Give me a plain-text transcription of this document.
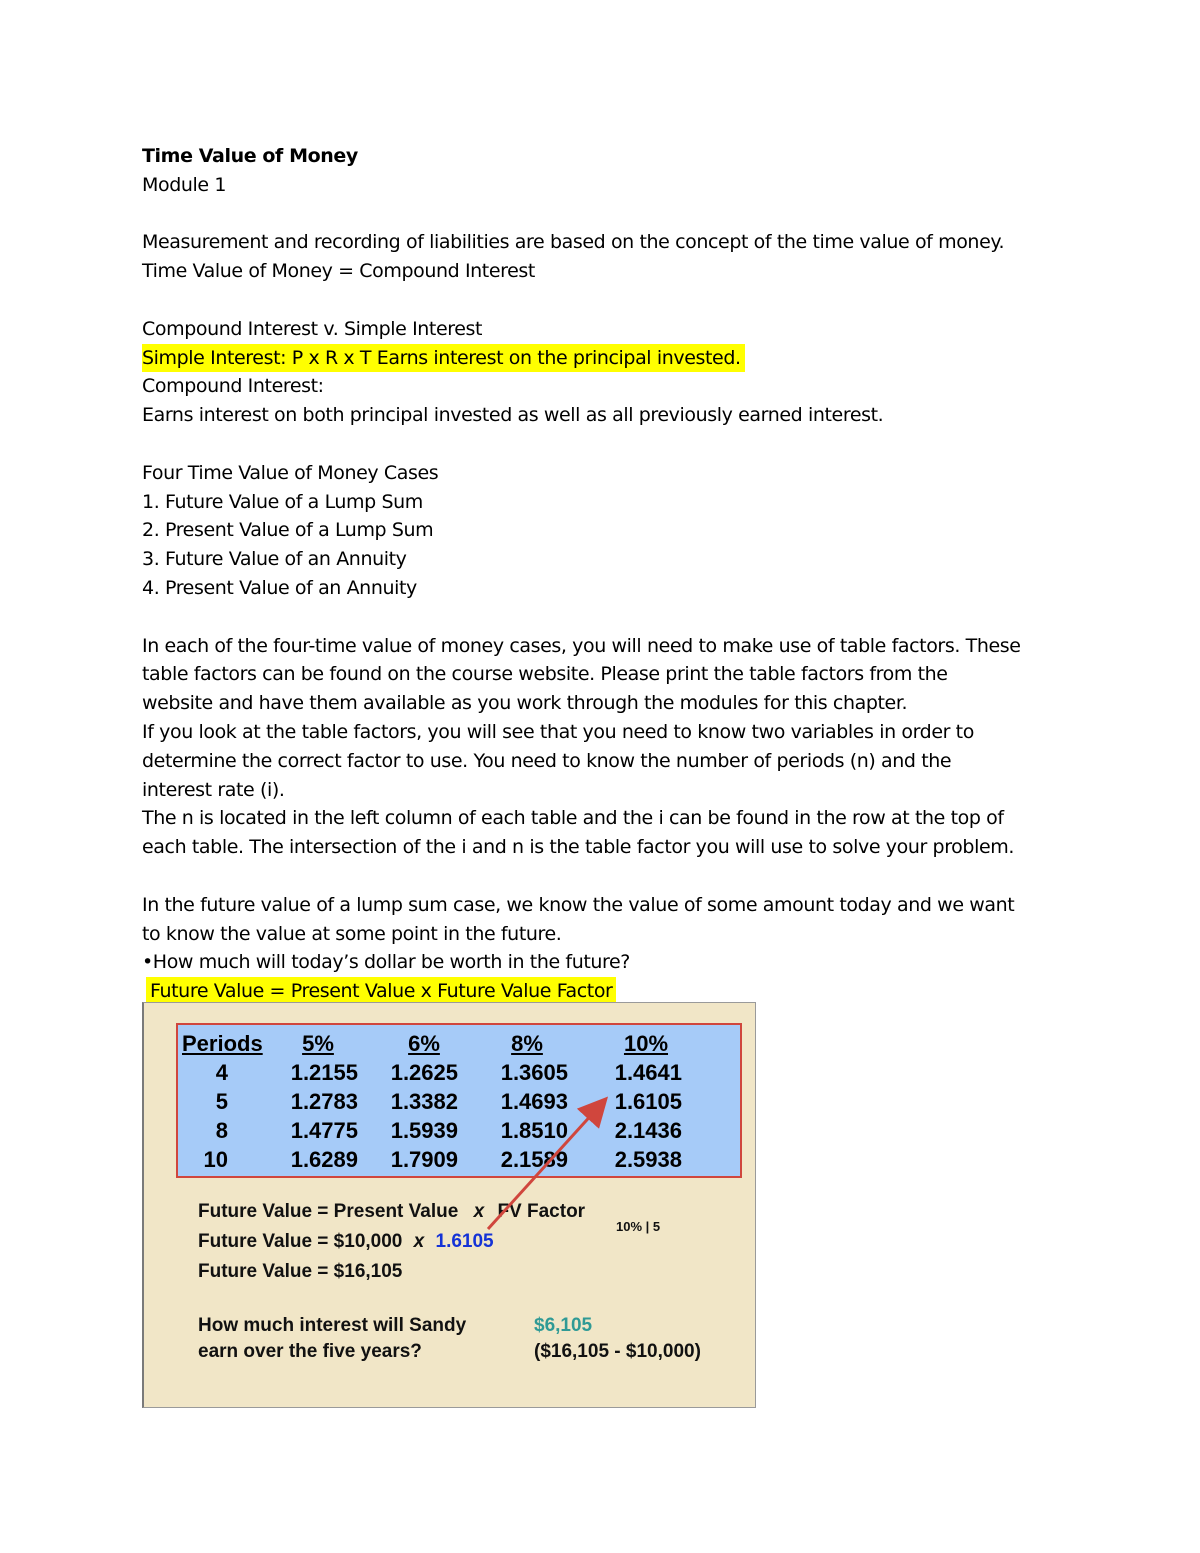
Time Value of Money
Module 1
Measurement and recording of liabilities are based on the concept of the time value of money.
Time Value of Money = Compound Interest
Compound Interest v. Simple Interest
Simple Interest: P x R x T Earns interest on the principal invested.
Compound Interest:
Earns interest on both principal invested as well as all previously earned interest.
Four Time Value of Money Cases
1. Future Value of a Lump Sum
2. Present Value of a Lump Sum
3. Future Value of an Annuity
4. Present Value of an Annuity
In each of the four-time value of money cases, you will need to make use of table factors. These
table factors can be found on the course website. Please print the table factors from the
website and have them available as you work through the modules for this chapter.
If you look at the table factors, you will see that you need to know two variables in order to
determine the correct factor to use. You need to know the number of periods (n) and the
interest rate (i).
The n is located in the left column of each table and the i can be found in the row at the top of
each table. The intersection of the i and n is the table factor you will use to solve your problem.
In the future value of a lump sum case, we know the value of some amount today and we want
to know the value at some point in the future.
•How much will today’s dollar be worth in the future?
Future Value = Present Value x Future Value Factor
Periods	5%	6%	8%	10%
4	1.2155	1.2625	1.3605	1.4641
5	1.2783	1.3382	1.4693	1.6105
8	1.4775	1.5939	1.8510	2.1436
10	1.6289	1.7909	2.1589	2.5938
Future Value = Present Value x FV Factor
10% | 5
Future Value = $10,000 x 1.6105
Future Value = $16,105
How much interest will Sandy
earn over the five years?
$6,105
($16,105 - $10,000)
